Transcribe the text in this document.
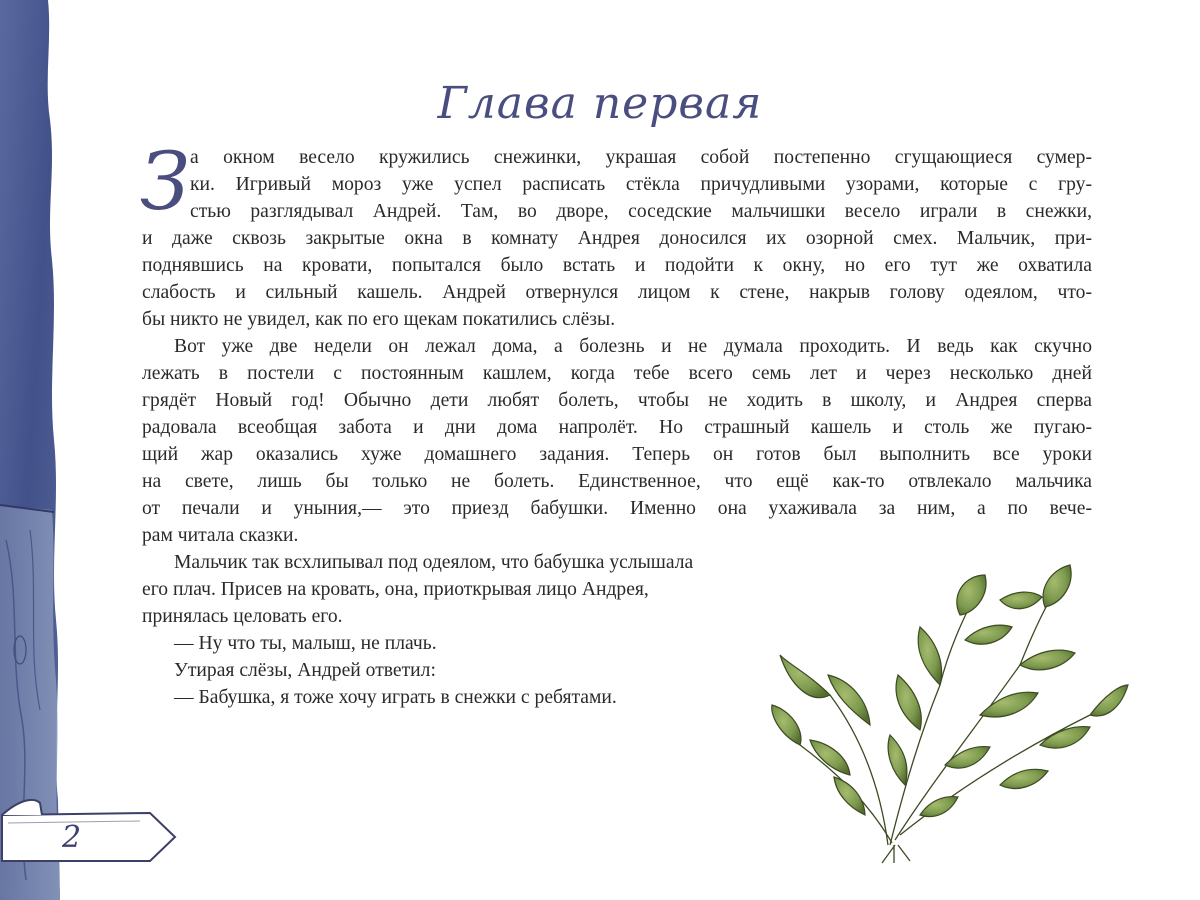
Глава первая
З а окном весело кружились снежинки, украшая собой постепенно сгущающиеся сумер-
ки. Игривый мороз уже успел расписать стёкла причудливыми узорами, которые с гру-
стью разглядывал Андрей. Там, во дворе, соседские мальчишки весело играли в снежки,
и даже сквозь закрытые окна в комнату Андрея доносился их озорной смех. Мальчик, при-
поднявшись на кровати, попытался было встать и подойти к окну, но его тут же охватила
слабость и сильный кашель. Андрей отвернулся лицом к стене, накрыв голову одеялом, что-
бы никто не увидел, как по его щекам покатились слёзы.
Вот уже две недели он лежал дома, а болезнь и не думала проходить. И ведь как скучно
лежать в постели с постоянным кашлем, когда тебе всего семь лет и через несколько дней
грядёт Новый год! Обычно дети любят болеть, чтобы не ходить в школу, и Андрея сперва
радовала всеобщая забота и дни дома напролёт. Но страшный кашель и столь же пугаю-
щий жар оказались хуже домашнего задания. Теперь он готов был выполнить все уроки
на свете, лишь бы только не болеть. Единственное, что ещё как-то отвлекало мальчика
от печали и уныния,— это приезд бабушки. Именно она ухаживала за ним, а по вече-
рам читала сказки.
Мальчик так всхлипывал под одеялом, что бабушка услышала
его плач. Присев на кровать, она, приоткрывая лицо Андрея,
принялась целовать его.
— Ну что ты, малыш, не плачь.
Утирая слёзы, Андрей ответил:
— Бабушка, я тоже хочу играть в снежки с ребятами.
2
